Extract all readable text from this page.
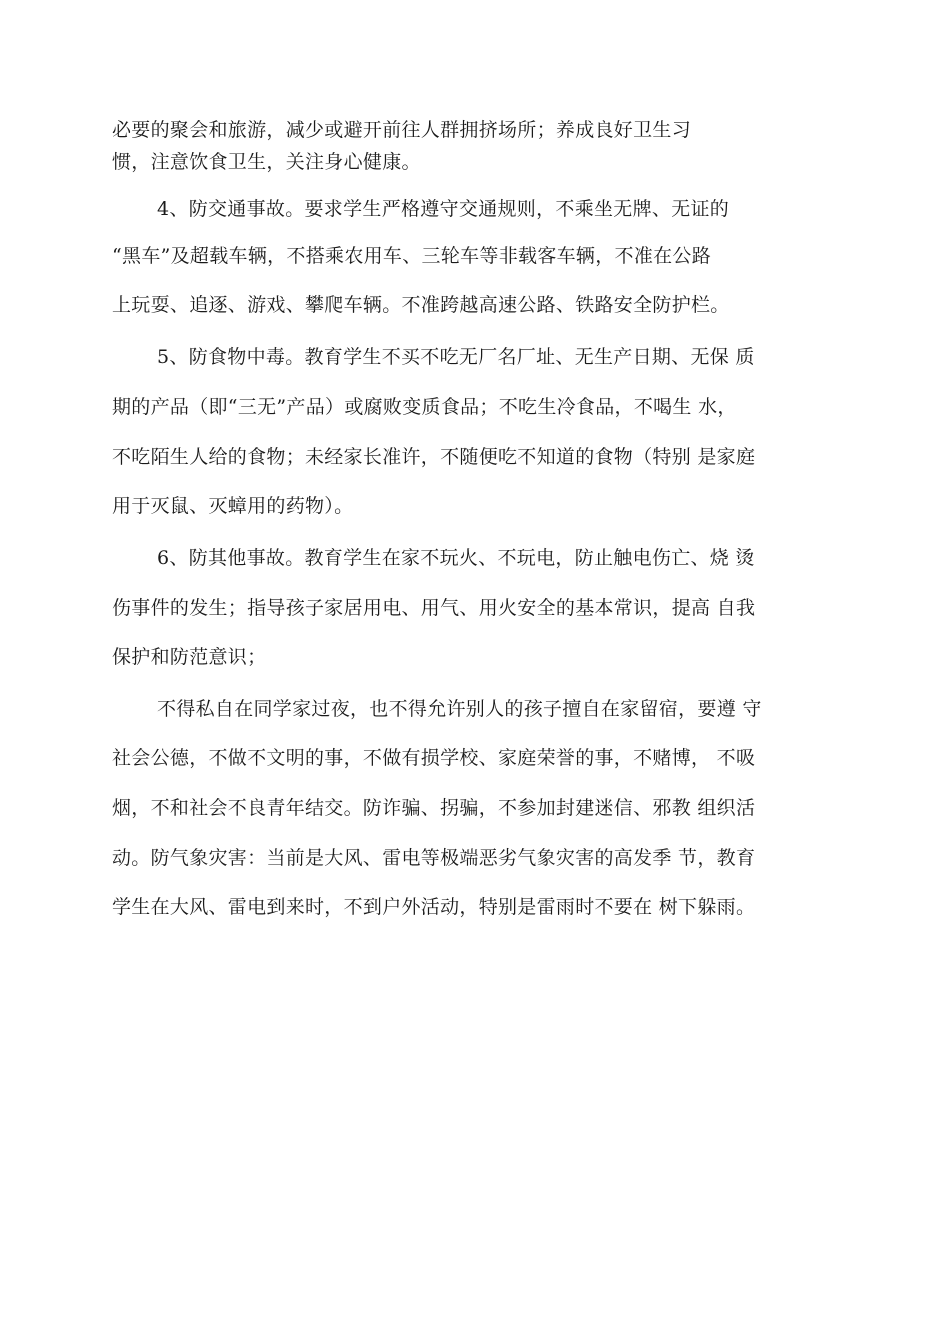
必要的聚会和旅游，减少或避开前往人群拥挤场所；养成良好卫生习
惯，注意饮食卫生，关注身心健康。
4、防交通事故。要求学生严格遵守交通规则，不乘坐无牌、无证的
“黑车”及超载车辆，不搭乘农用车、三轮车等非载客车辆，不准在公路
上玩耍、追逐、游戏、攀爬车辆。不准跨越高速公路、铁路安全防护栏。
5、防食物中毒。教育学生不买不吃无厂名厂址、无生产日期、无保 质
期的产品（即“三无”产品）或腐败变质食品；不吃生冷食品，不喝生 水，
不吃陌生人给的食物；未经家长准许，不随便吃不知道的食物（特别 是家庭
用于灭鼠、灭蟑用的药物）。
6、防其他事故。教育学生在家不玩火、不玩电，防止触电伤亡、烧 烫
伤事件的发生；指导孩子家居用电、用气、用火安全的基本常识，提高 自我
保护和防范意识；
不得私自在同学家过夜，也不得允许别人的孩子擅自在家留宿，要遵 守
社会公德，不做不文明的事，不做有损学校、家庭荣誉的事，不赌博， 不吸
烟，不和社会不良青年结交。防诈骗、拐骗，不参加封建迷信、邪教 组织活
动。防气象灾害：当前是大风、雷电等极端恶劣气象灾害的高发季 节，教育
学生在大风、雷电到来时，不到户外活动，特别是雷雨时不要在 树下躲雨。
